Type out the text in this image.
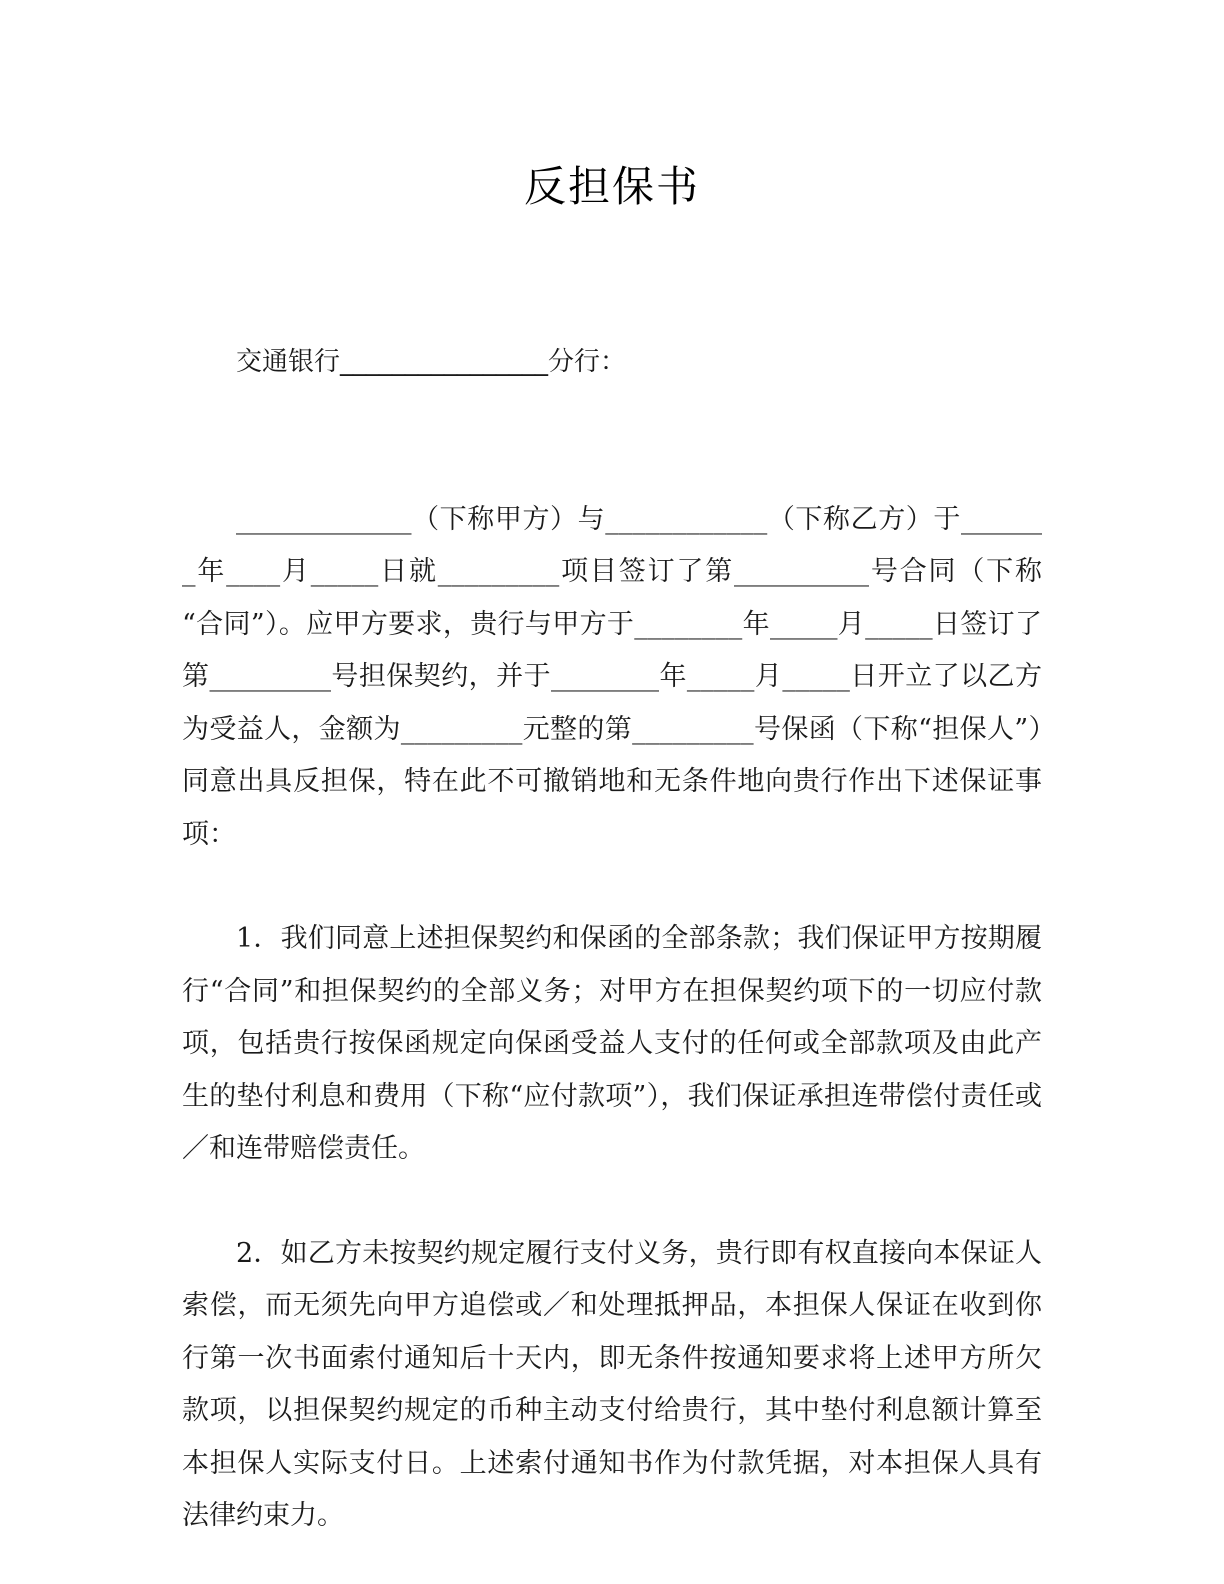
反担保书

交通银行________________分行：

_____________（下称甲方）与____________（下称乙方）于_______年____月_____日就_________项目签订了第__________号合同（下称“合同”）。应甲方要求，贵行与甲方于________年_____月_____日签订了第_________号担保契约，并于________年_____月_____日开立了以乙方为受益人，金额为_________元整的第_________号保函（下称“担保人”）同意出具反担保，特在此不可撤销地和无条件地向贵行作出下述保证事项：

1．我们同意上述担保契约和保函的全部条款；我们保证甲方按期履行“合同”和担保契约的全部义务；对甲方在担保契约项下的一切应付款项，包括贵行按保函规定向保函受益人支付的任何或全部款项及由此产生的垫付利息和费用（下称“应付款项”），我们保证承担连带偿付责任或／和连带赔偿责任。

2．如乙方未按契约规定履行支付义务，贵行即有权直接向本保证人索偿，而无须先向甲方追偿或／和处理抵押品，本担保人保证在收到你行第一次书面索付通知后十天内，即无条件按通知要求将上述甲方所欠款项，以担保契约规定的币种主动支付给贵行，其中垫付利息额计算至本担保人实际支付日。上述索付通知书作为付款凭据，对本担保人具有法律约束力。
